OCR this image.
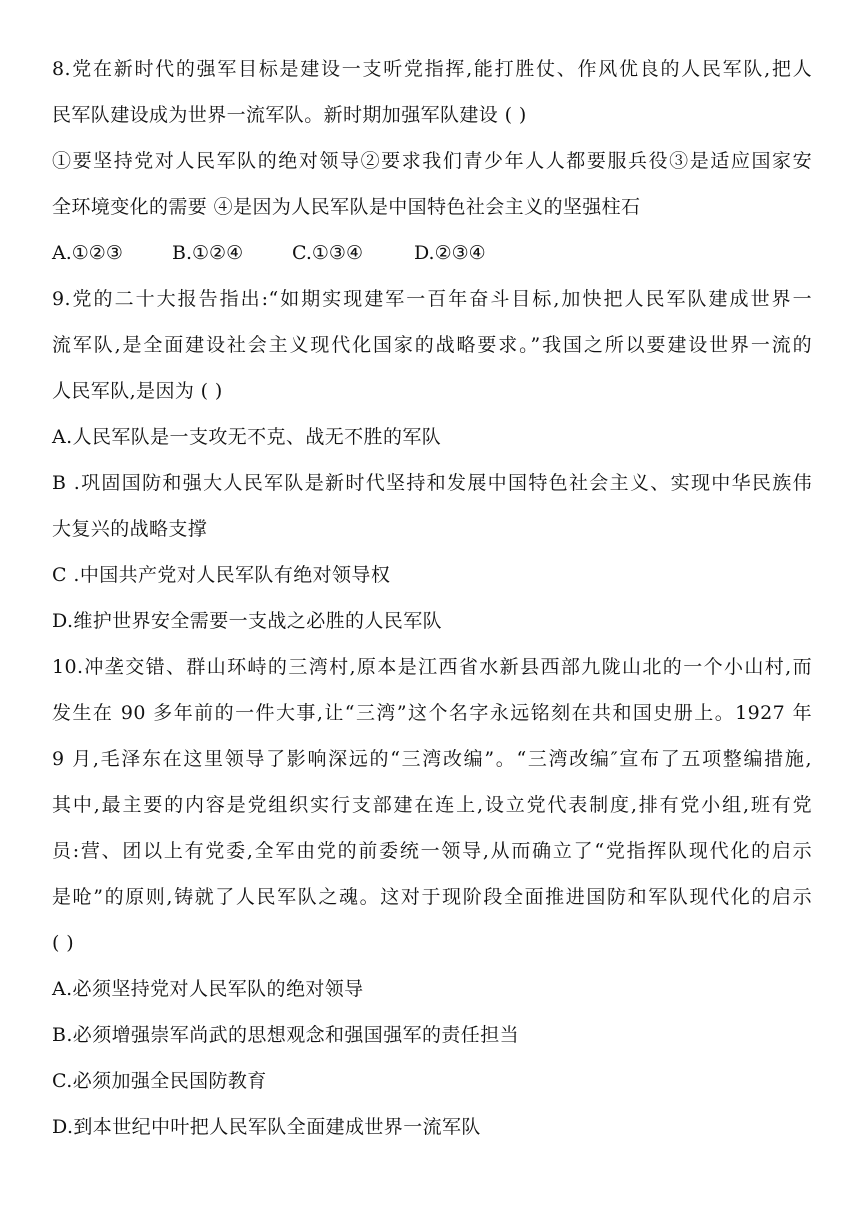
8.党在新时代的强军目标是建设一支听党指挥,能打胜仗、作风优良的人民军队,把人
民军队建设成为世界一流军队。新时期加强军队建设 ( )
①要坚持党对人民军队的绝对领导②要求我们青少年人人都要服兵役③是适应国家安
全环境变化的需要 ④是因为人民军队是中国特色社会主义的坚强柱石
A.①②③	B.①②④	C.①③④	D.②③④
9.党的二十大报告指出:“如期实现建军一百年奋斗目标,加快把人民军队建成世界一
流军队,是全面建设社会主义现代化国家的战略要求。”我国之所以要建设世界一流的
人民军队,是因为 ( )
A.人民军队是一支攻无不克、战无不胜的军队
B .巩固国防和强大人民军队是新时代坚持和发展中国特色社会主义、实现中华民族伟
大复兴的战略支撑
C .中国共产党对人民军队有绝对领导权
D.维护世界安全需要一支战之必胜的人民军队
10.冲垄交错、群山环峙的三湾村,原本是江西省水新县西部九陇山北的一个小山村,而
发生在 90 多年前的一件大事,让“三湾”这个名字永远铭刻在共和国史册上。1927 年
9 月,毛泽东在这里领导了影响深远的“三湾改编”。“三湾改编″宣布了五项整编措施,
其中,最主要的内容是党组织实行支部建在连上,设立党代表制度,排有党小组,班有党
员:营、团以上有党委,全军由党的前委统一领导,从而确立了“党指挥队现代化的启示
是呛”的原则,铸就了人民军队之魂。这对于现阶段全面推进国防和军队现代化的启示
( )
A.必须坚持党对人民军队的绝对领导
B.必须增强崇军尚武的思想观念和强国强军的责任担当
C.必须加强全民国防教育
D.到本世纪中叶把人民军队全面建成世界一流军队
